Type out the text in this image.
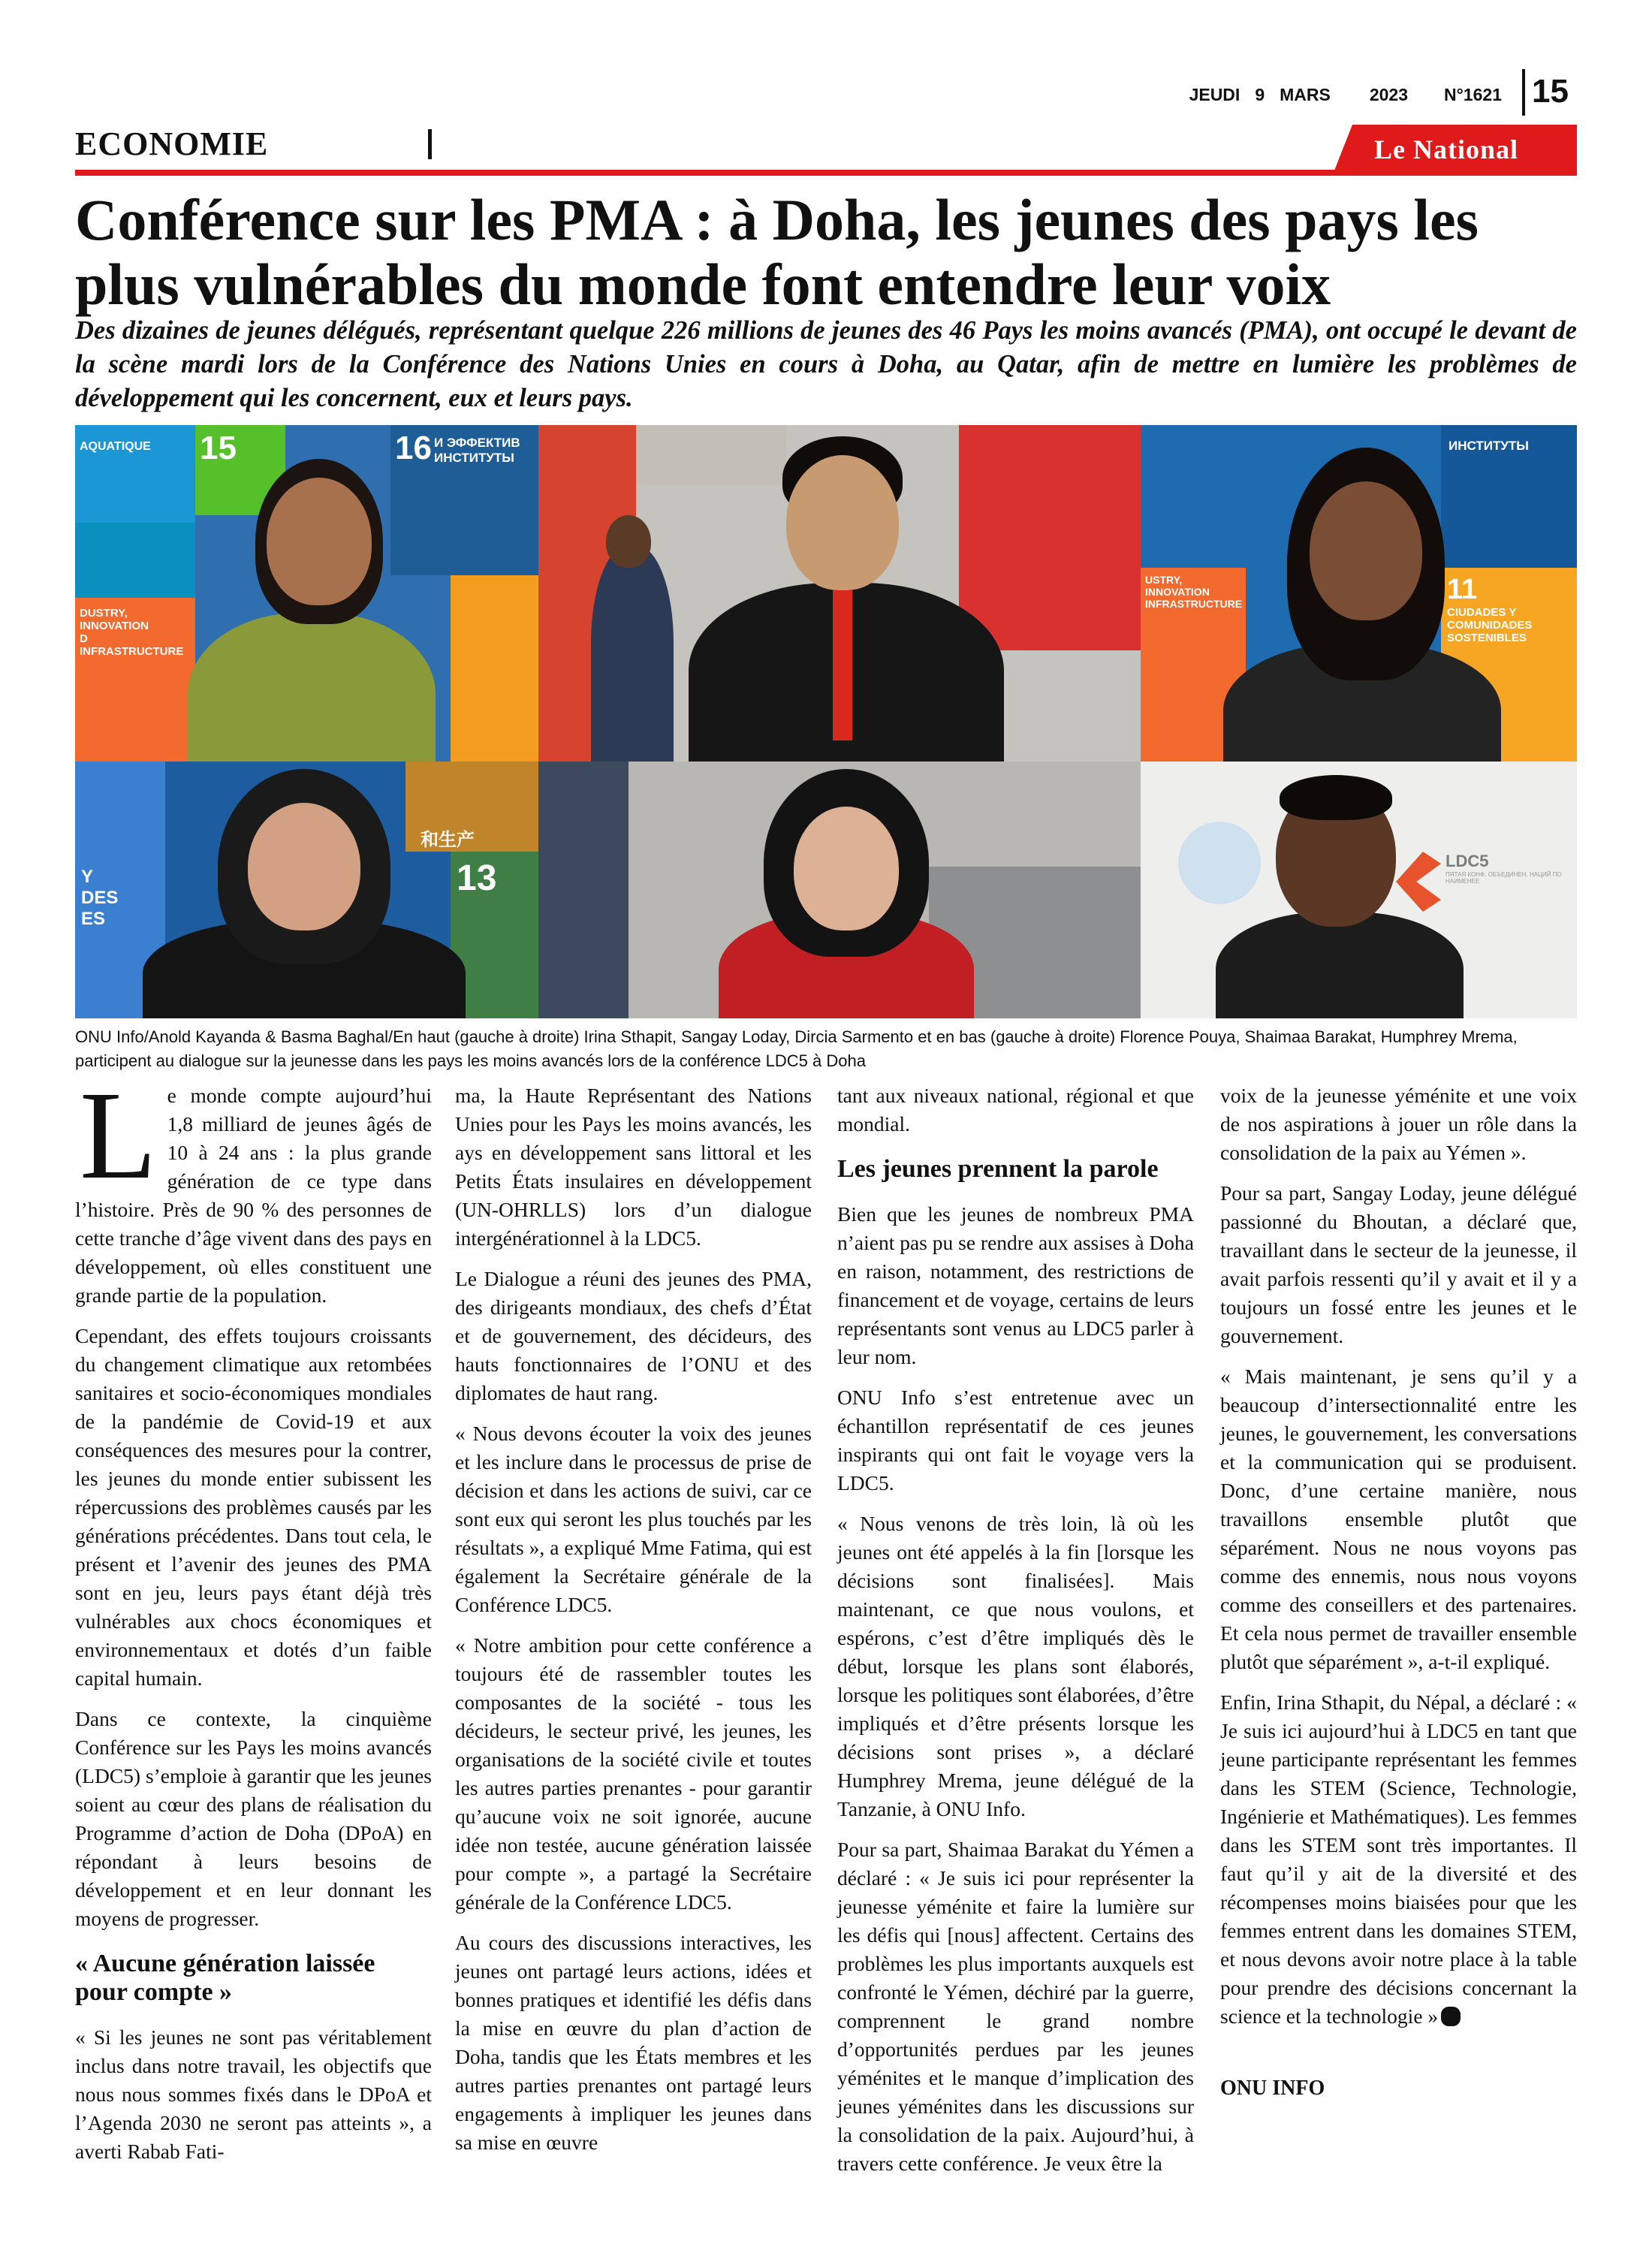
JEUDI 9 MARS 2023 N°1621 15
ECONOMIE	Le National
Conférence sur les PMA : à Doha, les jeunes des pays les plus vulnérables du monde font entendre leur voix

Des dizaines de jeunes délégués, représentant quelque 226 millions de jeunes des 46 Pays les moins avancés (PMA), ont occupé le devant de la scène mardi lors de la Conférence des Nations Unies en cours à Doha, au Qatar, afin de mettre en lumière les problèmes de développement qui les concernent, eux et leurs pays.

15	16
AQUATIQUE
DUSTRY, INNOVATION
D INFRASTRUCTURE
И ЭФФЕКТИВ
ИНСТИТУТЫ
ИНСТИТУТЫ
USTRY, INNOVATION
INFRASTRUCTURE	11
CIUDADES Y COMUNIDADES SOSTENIBLES
Y
DES
ES
13
和生产
LDC5
ПЯТАЯ КОНФ. ОБЪЕДИНЕН. НАЦИЙ ПО НАИМЕНЕЕ

ONU Info/Anold Kayanda & Basma Baghal/En haut (gauche à droite) Irina Sthapit, Sangay Loday, Dircia Sarmento et en bas (gauche à droite) Florence Pouya, Shaimaa Barakat, Humphrey Mrema, participent au dialogue sur la jeunesse dans les pays les moins avancés lors de la conférence LDC5 à Doha

L e monde compte aujourd’hui 1,8 milliard de jeunes âgés de 10 à 24 ans : la plus grande génération de ce type dans l’histoire. Près de 90 % des personnes de cette tranche d’âge vivent dans des pays en développement, où elles constituent une grande partie de la population.

Cependant, des effets toujours croissants du changement climatique aux retombées sanitaires et socio-économiques mondiales de la pandémie de Covid-19 et aux conséquences des mesures pour la contrer, les jeunes du monde entier subissent les répercussions des problèmes causés par les générations précédentes. Dans tout cela, le présent et l’avenir des jeunes des PMA sont en jeu, leurs pays étant déjà très vulnérables aux chocs économiques et environnementaux et dotés d’un faible capital humain.

Dans ce contexte, la cinquième Conférence sur les Pays les moins avancés (LDC5) s’emploie à garantir que les jeunes soient au cœur des plans de réalisation du Programme d’action de Doha (DPoA) en répondant à leurs besoins de développement et en leur donnant les moyens de progresser.

« Aucune génération laissée pour compte »

« Si les jeunes ne sont pas véritablement inclus dans notre travail, les objectifs que nous nous sommes fixés dans le DPoA et l’Agenda 2030 ne seront pas atteints », a averti Rabab Fati-

ma, la Haute Représentant des Nations Unies pour les Pays les moins avancés, les ays en développement sans littoral et les Petits États insulaires en développement (UN-OHRLLS) lors d’un dialogue intergénérationnel à la LDC5.

Le Dialogue a réuni des jeunes des PMA, des dirigeants mondiaux, des chefs d’État et de gouvernement, des décideurs, des hauts fonctionnaires de l’ONU et des diplomates de haut rang.

« Nous devons écouter la voix des jeunes et les inclure dans le processus de prise de décision et dans les actions de suivi, car ce sont eux qui seront les plus touchés par les résultats », a expliqué Mme Fatima, qui est également la Secrétaire générale de la Conférence LDC5.

« Notre ambition pour cette conférence a toujours été de rassembler toutes les composantes de la société - tous les décideurs, le secteur privé, les jeunes, les organisations de la société civile et toutes les autres parties prenantes - pour garantir qu’aucune voix ne soit ignorée, aucune idée non testée, aucune génération laissée pour compte », a partagé la Secrétaire générale de la Conférence LDC5.

Au cours des discussions interactives, les jeunes ont partagé leurs actions, idées et bonnes pratiques et identifié les défis dans la mise en œuvre du plan d’action de Doha, tandis que les États membres et les autres parties prenantes ont partagé leurs engagements à impliquer les jeunes dans sa mise en œuvre

tant aux niveaux national, régional et que mondial.

Les jeunes prennent la parole

Bien que les jeunes de nombreux PMA n’aient pas pu se rendre aux assises à Doha en raison, notamment, des restrictions de financement et de voyage, certains de leurs représentants sont venus au LDC5 parler à leur nom.

ONU Info s’est entretenue avec un échantillon représentatif de ces jeunes inspirants qui ont fait le voyage vers la LDC5.

« Nous venons de très loin, là où les jeunes ont été appelés à la fin [lorsque les décisions sont finalisées]. Mais maintenant, ce que nous voulons, et espérons, c’est d’être impliqués dès le début, lorsque les plans sont élaborés, lorsque les politiques sont élaborées, d’être impliqués et d’être présents lorsque les décisions sont prises », a déclaré Humphrey Mrema, jeune délégué de la Tanzanie, à ONU Info.

Pour sa part, Shaimaa Barakat du Yémen a déclaré : « Je suis ici pour représenter la jeunesse yéménite et faire la lumière sur les défis qui [nous] affectent. Certains des problèmes les plus importants auxquels est confronté le Yémen, déchiré par la guerre, comprennent le grand nombre d’opportunités perdues par les jeunes yéménites et le manque d’implication des jeunes yéménites dans les discussions sur la consolidation de la paix. Aujourd’hui, à travers cette conférence. Je veux être la

voix de la jeunesse yéménite et une voix de nos aspirations à jouer un rôle dans la consolidation de la paix au Yémen ».

Pour sa part, Sangay Loday, jeune délégué passionné du Bhoutan, a déclaré que, travaillant dans le secteur de la jeunesse, il avait parfois ressenti qu’il y avait et il y a toujours un fossé entre les jeunes et le gouvernement.

« Mais maintenant, je sens qu’il y a beaucoup d’intersectionnalité entre les jeunes, le gouvernement, les conversations et la communication qui se produisent. Donc, d’une certaine manière, nous travaillons ensemble plutôt que séparément. Nous ne nous voyons pas comme des ennemis, nous nous voyons comme des conseillers et des partenaires. Et cela nous permet de travailler ensemble plutôt que séparément », a-t-il expliqué.

Enfin, Irina Sthapit, du Népal, a déclaré : « Je suis ici aujourd’hui à LDC5 en tant que jeune participante représentant les femmes dans les STEM (Science, Technologie, Ingénierie et Mathématiques). Les femmes dans les STEM sont très importantes. Il faut qu’il y ait de la diversité et des récompenses moins biaisées pour que les femmes entrent dans les domaines STEM, et nous devons avoir notre place à la table pour prendre des décisions concernant la science et la technologie »

ONU INFO
